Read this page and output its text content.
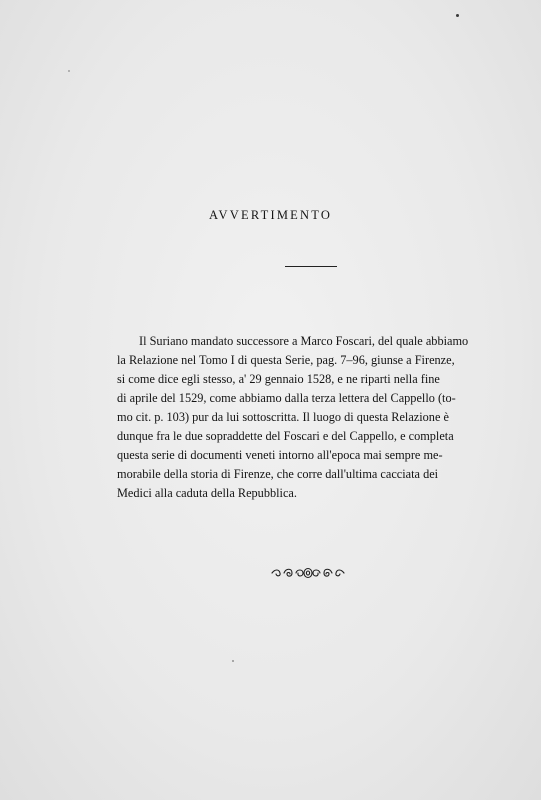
AVVERTIMENTO
Il Suriano mandato successore a Marco Foscari, del quale abbiamo
la Relazione nel Tomo I di questa Serie, pag. 7–96, giunse a Firenze,
si come dice egli stesso, a' 29 gennaio 1528, e ne riparti nella fine
di aprile del 1529, come abbiamo dalla terza lettera del Cappello (to-
mo cit. p. 103) pur da lui sottoscritta. Il luogo di questa Relazione è
dunque fra le due sopraddette del Foscari e del Cappello, e completa
questa serie di documenti veneti intorno all'epoca mai sempre me-
morabile della storia di Firenze, che corre dall'ultima cacciata dei
Medici alla caduta della Repubblica.
